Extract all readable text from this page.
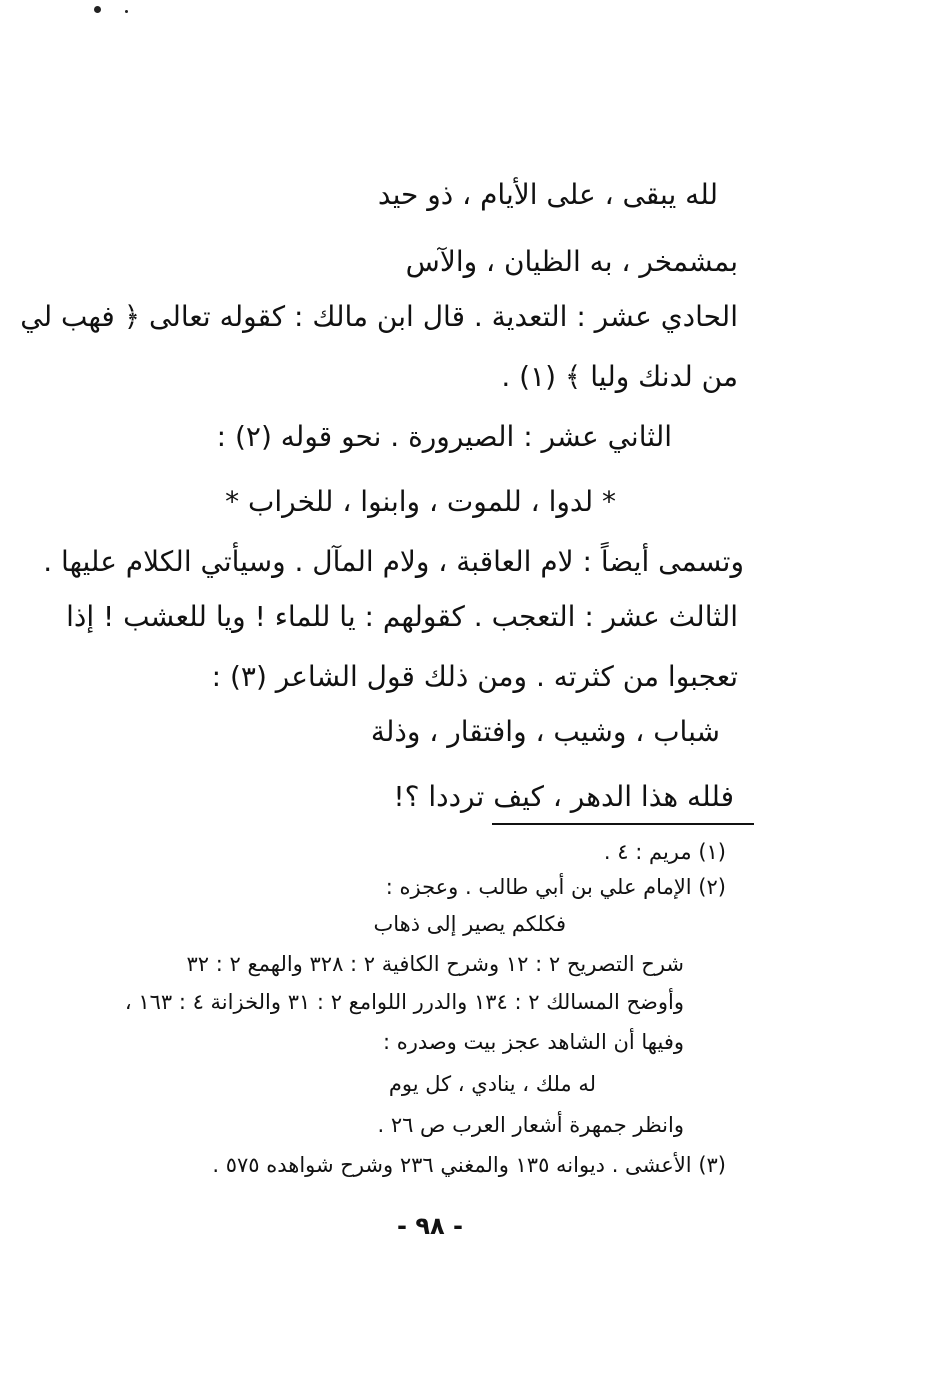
لله يبقى ، على الأيام ، ذو حيد
بمشمخر ، به الظيان ، والآس
الحادي عشر : التعدية . قال ابن مالك : كقوله تعالى ﴿ فهب لي
من لدنك وليا ﴾ (١) .
الثاني عشر : الصيرورة . نحو قوله (٢) :
* لدوا ، للموت ، وابنوا ، للخراب *
وتسمى أيضاً : لام العاقبة ، ولام المآل . وسيأتي الكلام عليها .
الثالث عشر : التعجب . كقولهم : يا للماء ! ويا للعشب ! إذا
تعجبوا من كثرته . ومن ذلك قول الشاعر (٣) :
شباب ، وشيب ، وافتقار ، وذلة
فلله هذا الدهر ، كيف ترددا ؟!
(١) مريم : ٤ .
(٢) الإمام علي بن أبي طالب . وعجزه :
فكلكم يصير إلى ذهاب
شرح التصريح ٢ : ١٢ وشرح الكافية ٢ : ٣٢٨ والهمع ٢ : ٣٢
وأوضح المسالك ٢ : ١٣٤ والدرر اللوامع ٢ : ٣١ والخزانة ٤ : ١٦٣ ،
وفيها أن الشاهد عجز بيت وصدره :
له ملك ، ينادي ، كل يوم
وانظر جمهرة أشعار العرب ص ٢٦ .
(٣) الأعشى . ديوانه ١٣٥ والمغني ٢٣٦ وشرح شواهده ٥٧٥ .
- ٩٨ -
